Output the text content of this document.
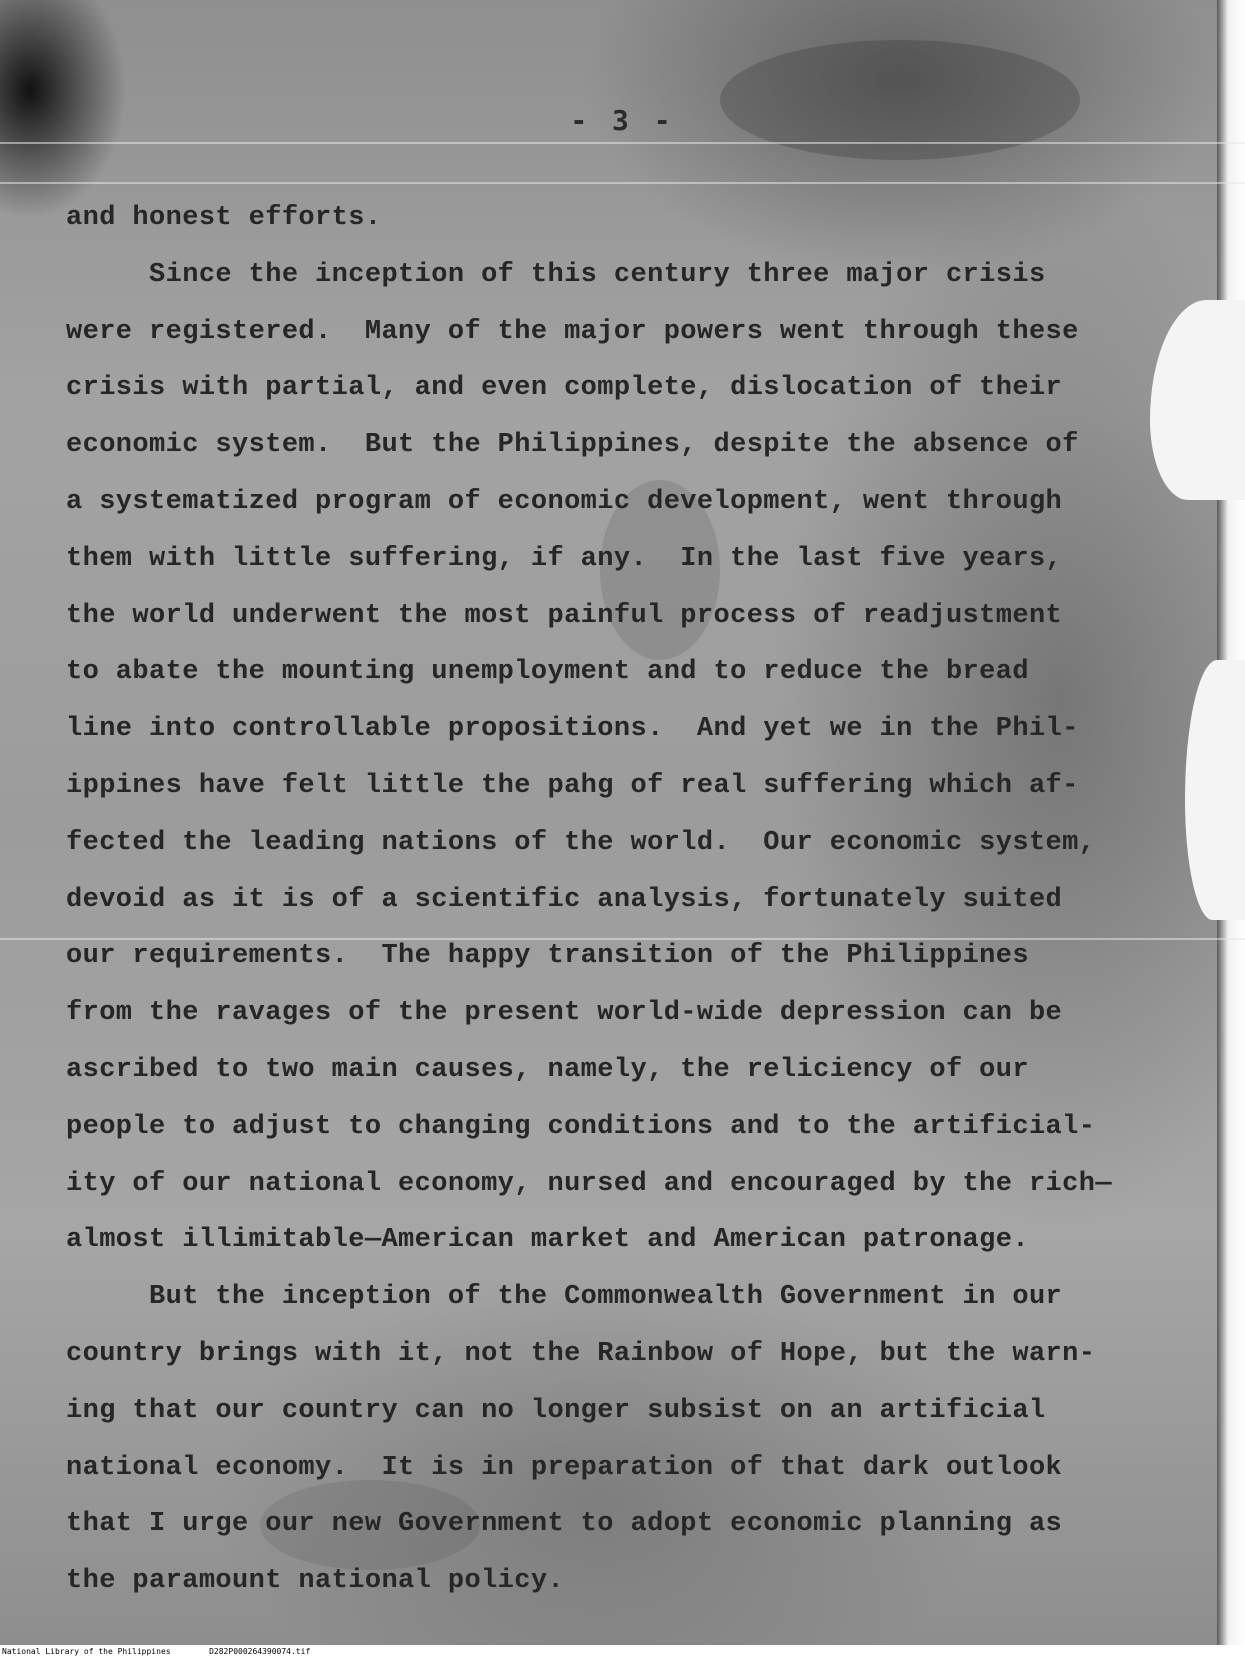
- 3 -
and honest efforts.
Since the inception of this century three major crisis
were registered.  Many of the major powers went through these
crisis with partial, and even complete, dislocation of their
economic system.  But the Philippines, despite the absence of
a systematized program of economic development, went through
them with little suffering, if any.  In the last five years,
the world underwent the most painful process of readjustment
to abate the mounting unemployment and to reduce the bread
line into controllable propositions.  And yet we in the Phil-
ippines have felt little the pahg of real suffering which af-
fected the leading nations of the world.  Our economic system,
devoid as it is of a scientific analysis, fortunately suited
our requirements.  The happy transition of the Philippines
from the ravages of the present world-wide depression can be
ascribed to two main causes, namely, the reliciency of our
people to adjust to changing conditions and to the artificial-
ity of our national economy, nursed and encouraged by the rich—
almost illimitable—American market and American patronage.
But the inception of the Commonwealth Government in our
country brings with it, not the Rainbow of Hope, but the warn-
ing that our country can no longer subsist on an artificial
national economy.  It is in preparation of that dark outlook
that I urge our new Government to adopt economic planning as
the paramount national policy.
National Library of the Philippines	D282P000264390074.tif
